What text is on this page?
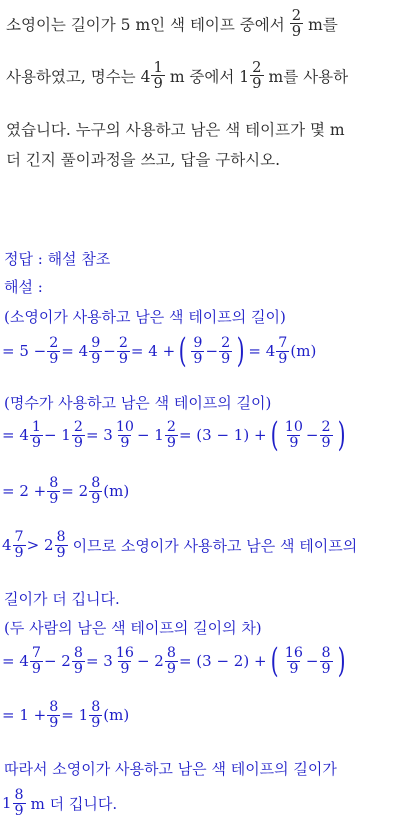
소영이는 길이가 5 m인 색 테이프 중에서
2
9 m를
사용하였고, 명수는 4
1
9 m 중에서 1
2
9 m를 사용하
였습니다. 누구의 사용하고 남은 색 테이프가 몇 m
더 긴지 풀이과정을 쓰고, 답을 구하시오.
정답 : 해설 참조
해설 :
(소영이가 사용하고 남은 색 테이프의 길이)
= $5 - \frac{2}{9} = 4$ 9
$9 - \frac{2}{9} = 4$ + ( 9
$9 - \frac{2}{9}$ ) = 4 7
9 (m)
(명수가 사용하고 남은 색 테이프의 길이)
= 4 1
$9 - 1 \frac{2}{9} = 3$ 10
$9 - 1 \frac{2}{9} = (3 - 1)$ + ( 10
$9 - \frac{2}{9}$ )
= $2 + \frac{8}{9} = 2$ 8
9 (m)
4 7
9 > 2 8
9 이므로 소영이가 사용하고 남은 색 테이프의
길이가 더 깁니다.
(두 사람의 남은 색 테이프의 길이의 차)
= 4 7
$9 - 2 \frac{8}{9} = 3$ 16
$9 - 2 \frac{8}{9} = (3 - 2)$ + ( 16
$9 - \frac{8}{9}$ )
= $1 + \frac{8}{9} = 1$ 8
9 (m)
따라서 소영이가 사용하고 남은 색 테이프의 길이가
1 8
9 m 더 깁니다.
